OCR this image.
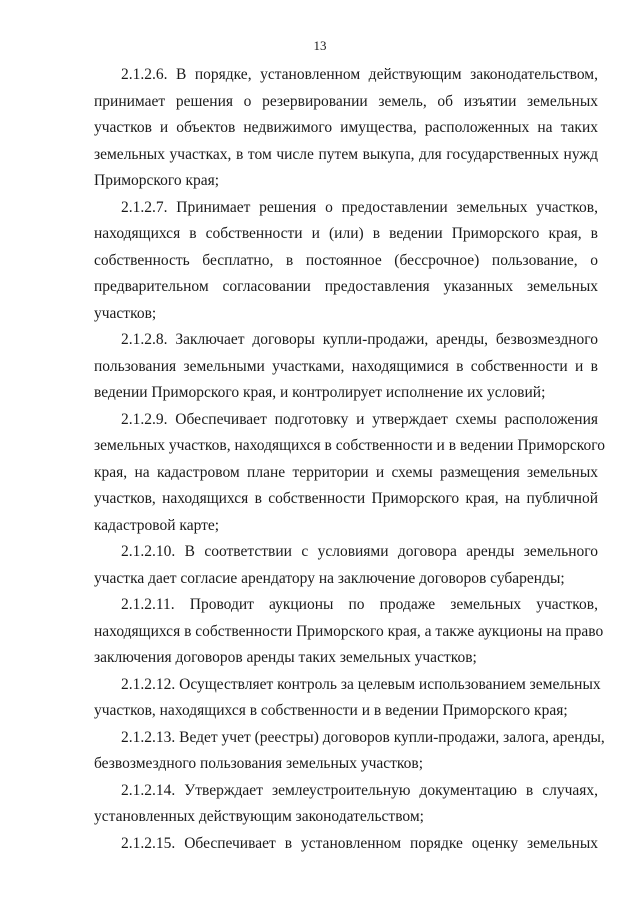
13
2.1.2.6. В порядке, установленном действующим законодательством,
принимает решения о резервировании земель, об изъятии земельных
участков и объектов недвижимого имущества, расположенных на таких
земельных участках, в том числе путем выкупа, для государственных нужд
Приморского края;
2.1.2.7. Принимает решения о предоставлении земельных участков,
находящихся в собственности и (или) в ведении Приморского края, в
собственность бесплатно, в постоянное (бессрочное) пользование, о
предварительном согласовании предоставления указанных земельных
участков;
2.1.2.8. Заключает договоры купли-продажи, аренды, безвозмездного
пользования земельными участками, находящимися в собственности и в
ведении Приморского края, и контролирует исполнение их условий;
2.1.2.9. Обеспечивает подготовку и утверждает схемы расположения
земельных участков, находящихся в собственности и в ведении Приморского
края, на кадастровом плане территории и схемы размещения земельных
участков, находящихся в собственности Приморского края, на публичной
кадастровой карте;
2.1.2.10. В соответствии с условиями договора аренды земельного
участка дает согласие арендатору на заключение договоров субаренды;
2.1.2.11. Проводит аукционы по продаже земельных участков,
находящихся в собственности Приморского края, а также аукционы на право
заключения договоров аренды таких земельных участков;
2.1.2.12. Осуществляет контроль за целевым использованием земельных
участков, находящихся в собственности и в ведении Приморского края;
2.1.2.13. Ведет учет (реестры) договоров купли-продажи, залога, аренды,
безвозмездного пользования земельных участков;
2.1.2.14. Утверждает землеустроительную документацию в случаях,
установленных действующим законодательством;
2.1.2.15. Обеспечивает в установленном порядке оценку земельных
